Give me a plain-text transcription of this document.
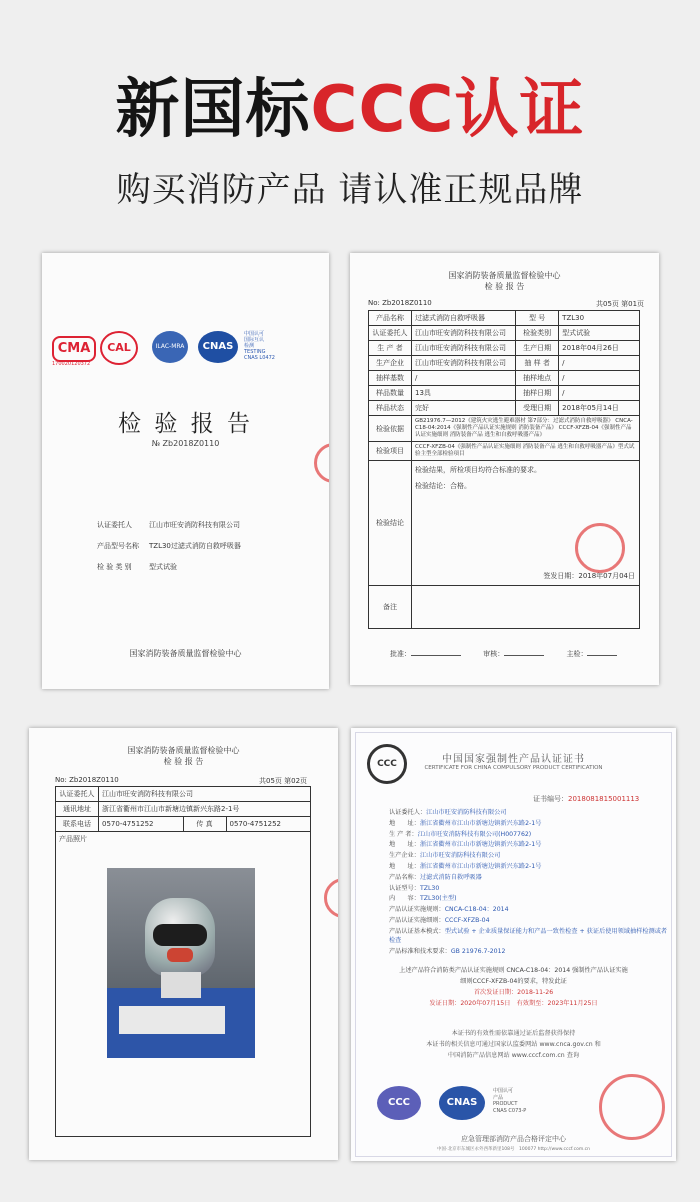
新国标CCC认证
购买消防产品 请认准正规品牌
CMA	CAL	ILAC-MRA	CNAS
中国认可
国际互认
检测
TESTING
CNAS L0472
170020120372
检 验 报 告
№ Zb2018Z0110
认证委托人 江山市旺安消防科技有限公司
产品型号名称 TZL30过滤式消防自救呼吸器
检 验 类 别 型式试验
国家消防装备质量监督检验中心
国家消防装备质量监督检验中心
检 验 报 告
No: Zb2018Z0110	共05页 第01页
产品名称	过滤式消防自救呼吸器	型 号	TZL30
认证委托人	江山市旺安消防科技有限公司	检验类别	型式试验
生 产 者	江山市旺安消防科技有限公司	生产日期	2018年04月26日
生产企业	江山市旺安消防科技有限公司	抽 样 者	/
抽样基数	/	抽样地点	/
样品数量	13具	抽样日期	/
样品状态	完好	受理日期	2018年05月14日
检验依据	GB21976.7—2012《建筑火灾逃生避难器材 第7部分：过滤式消防自救呼吸器》 CNCA-C18-04:2014《强制性产品认证实施规则 消防装备产品》 CCCF-XFZB-04《强制性产品认证实施细则 消防装备产品 逃生和自救呼吸器产品》		
检验项目	CCCF-XFZB-04《强制性产品认证实施细则 消防装备产品 逃生和自救呼吸器产品》型式试验主型全部检验项目		
检验结论	检验结果，所检项目均符合标准的要求。
检验结论：合格。
签发日期：2018年07月04日		

备注			
批准：	审核：	主检：
国家消防装备质量监督检验中心
检 验 报 告
No: Zb2018Z0110	共05页 第02页
认证委托人	江山市旺安消防科技有限公司		
通讯地址	浙江省衢州市江山市新塘边镇新兴东路2-1号		
联系电话	0570-4751252	传 真	0570-4751252

产品照片			
CCC	中国国家强制性产品认证证书
CERTIFICATE FOR CHINA COMPULSORY PRODUCT CERTIFICATION
证书编号：2018081815001113
认证委托人：江山市旺安消防科技有限公司
地　　址：浙江省衢州市江山市新塘边镇新兴东路2-1号
生 产 者：江山市旺安消防科技有限公司(H007762)
地　　址：浙江省衢州市江山市新塘边镇新兴东路2-1号
生产企业：江山市旺安消防科技有限公司
地　　址：浙江省衢州市江山市新塘边镇新兴东路2-1号
产品名称：过滤式消防自救呼吸器
认证型号：TZL30
内　　容：TZL30(主型)
产品认证实施规则：CNCA-C18-04：2014
产品认证实施细则：CCCF-XFZB-04
产品认证基本模式：型式试验 + 企业质量保证能力和产品一致性检查 + 获证后使用领域抽样检测或者检查
产品标准和技术要求：GB 21976.7-2012
上述产品符合消防类产品认证实施规则 CNCA-C18-04：2014 强制性产品认证实施
细则CCCF-XFZB-04的要求，特发此证
首次发证日期：2018-11-26
发证日期：2020年07月15日　有效期至：2023年11月25日
本证书的有效性需依靠通过证后监督获得保持
本证书的相关信息可通过国家认监委网站 www.cnca.gov.cn 和
中国消防产品信息网站 www.cccf.com.cn 查询
CCC	CNAS
中国认可
产品
PRODUCT
CNAS C073-P
应急管理部消防产品合格评定中心
中国·北京市东城区永外西革新里108号　100077 http://www.cccf.com.cn
